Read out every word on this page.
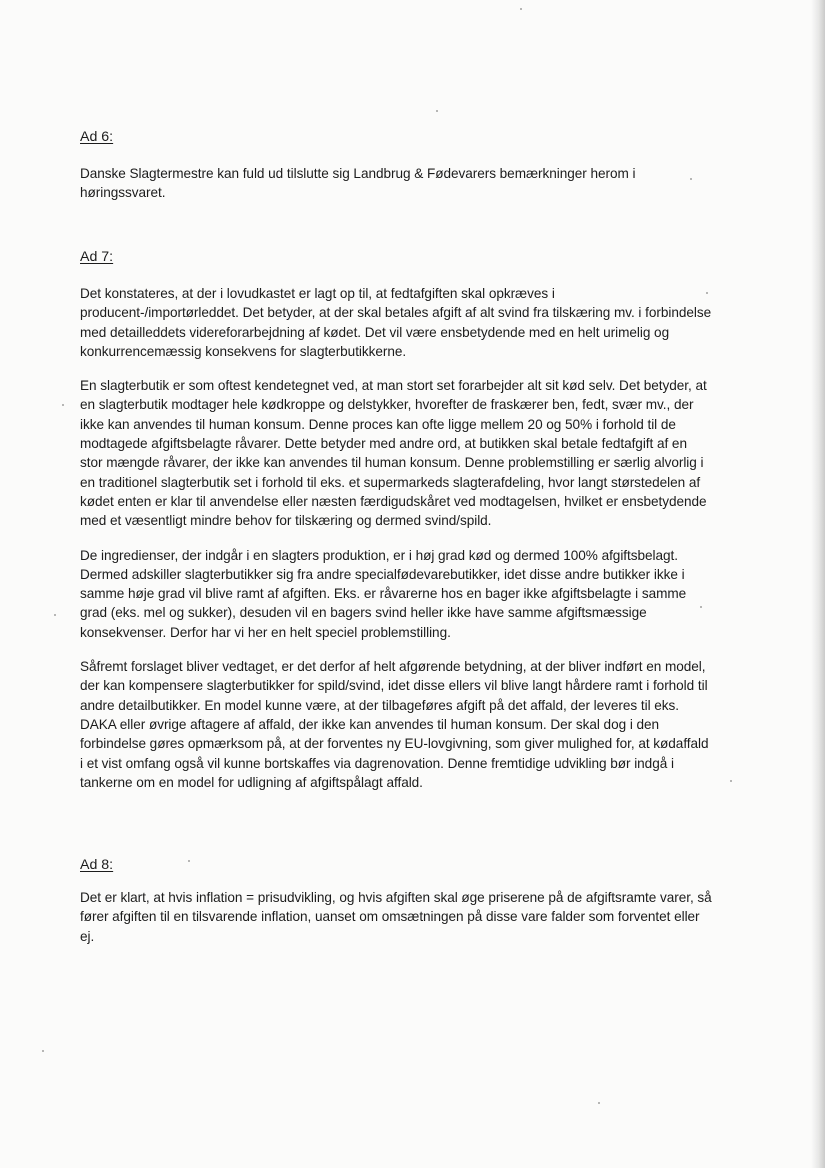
Ad 6:

Danske Slagtermestre kan fuld ud tilslutte sig Landbrug & Fødevarers bemærkninger herom i høringssvaret.

Ad 7:

Det konstateres, at der i lovudkastet er lagt op til, at fedtafgiften skal opkræves i producent-/importørleddet. Det betyder, at der skal betales afgift af alt svind fra tilskæring mv. i forbindelse med detailleddets videreforarbejdning af kødet. Det vil være ensbetydende med en helt urimelig og konkurrencemæssig konsekvens for slagterbutikkerne.

En slagterbutik er som oftest kendetegnet ved, at man stort set forarbejder alt sit kød selv. Det betyder, at en slagterbutik modtager hele kødkroppe og delstykker, hvorefter de fraskærer ben, fedt, svær mv., der ikke kan anvendes til human konsum. Denne proces kan ofte ligge mellem 20 og 50% i forhold til de modtagede afgiftsbelagte råvarer. Dette betyder med andre ord, at butikken skal betale fedtafgift af en stor mængde råvarer, der ikke kan anvendes til human konsum. Denne problemstilling er særlig alvorlig i en traditionel slagterbutik set i forhold til eks. et supermarkeds slagterafdeling, hvor langt størstedelen af kødet enten er klar til anvendelse eller næsten færdigudskåret ved modtagelsen, hvilket er ensbetydende med et væsentligt mindre behov for tilskæring og dermed svind/spild.

De ingredienser, der indgår i en slagters produktion, er i høj grad kød og dermed 100% afgiftsbelagt. Dermed adskiller slagterbutikker sig fra andre specialfødevarebutikker, idet disse andre butikker ikke i samme høje grad vil blive ramt af afgiften. Eks. er råvarerne hos en bager ikke afgiftsbelagte i samme grad (eks. mel og sukker), desuden vil en bagers svind heller ikke have samme afgiftsmæssige konsekvenser. Derfor har vi her en helt speciel problemstilling.

Såfremt forslaget bliver vedtaget, er det derfor af helt afgørende betydning, at der bliver indført en model, der kan kompensere slagterbutikker for spild/svind, idet disse ellers vil blive langt hårdere ramt i forhold til andre detailbutikker. En model kunne være, at der tilbageføres afgift på det affald, der leveres til eks. DAKA eller øvrige aftagere af affald, der ikke kan anvendes til human konsum. Der skal dog i den forbindelse gøres opmærksom på, at der forventes ny EU-lovgivning, som giver mulighed for, at kødaffald i et vist omfang også vil kunne bortskaffes via dagrenovation. Denne fremtidige udvikling bør indgå i tankerne om en model for udligning af afgiftspålagt affald.

Ad 8:

Det er klart, at hvis inflation = prisudvikling, og hvis afgiften skal øge priserene på de afgiftsramte varer, så fører afgiften til en tilsvarende inflation, uanset om omsætningen på disse vare falder som forventet eller ej.
